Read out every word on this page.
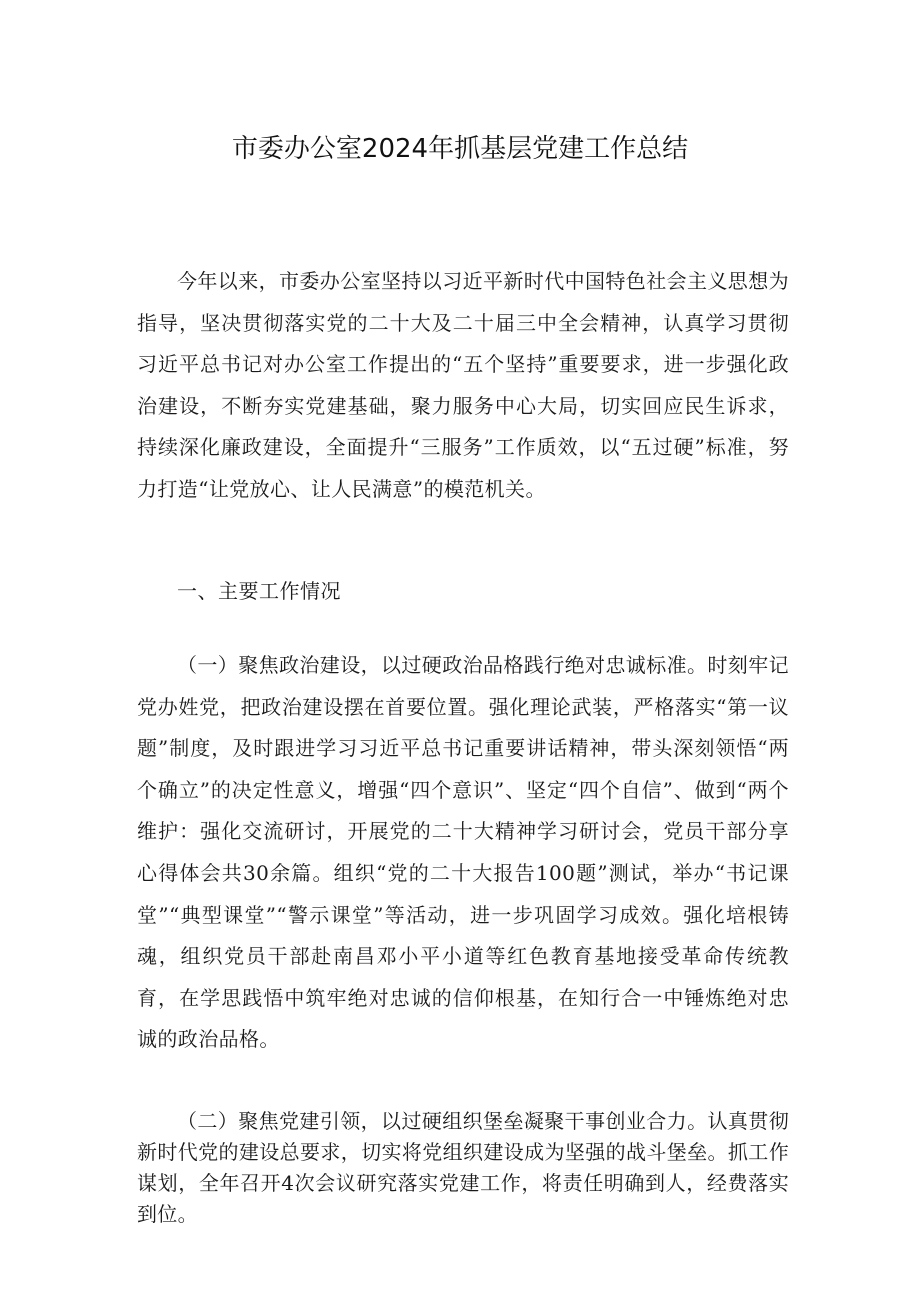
市委办公室2024年抓基层党建工作总结

今年以来，市委办公室坚持以习近平新时代中国特色社会主义思想为指导，坚决贯彻落实党的二十大及二十届三中全会精神，认真学习贯彻习近平总书记对办公室工作提出的“五个坚持”重要要求，进一步强化政治建设，不断夯实党建基础，聚力服务中心大局，切实回应民生诉求，持续深化廉政建设，全面提升“三服务”工作质效，以“五过硬”标准，努力打造“让党放心、让人民满意”的模范机关。

一、主要工作情况

（一）聚焦政治建设，以过硬政治品格践行绝对忠诚标准。时刻牢记党办姓党，把政治建设摆在首要位置。强化理论武装，严格落实“第一议题”制度，及时跟进学习习近平总书记重要讲话精神，带头深刻领悟“两个确立”的决定性意义，增强“四个意识”、坚定“四个自信”、做到“两个维护：强化交流研讨，开展党的二十大精神学习研讨会，党员干部分享心得体会共30余篇。组织“党的二十大报告100题”测试，举办“书记课堂”“典型课堂”“警示课堂”等活动，进一步巩固学习成效。强化培根铸魂，组织党员干部赴南昌邓小平小道等红色教育基地接受革命传统教育，在学思践悟中筑牢绝对忠诚的信仰根基，在知行合一中锤炼绝对忠诚的政治品格。

（二）聚焦党建引领，以过硬组织堡垒凝聚干事创业合力。认真贯彻新时代党的建设总要求，切实将党组织建设成为坚强的战斗堡垒。抓工作谋划，全年召开4次会议研究落实党建工作，将责任明确到人，经费落实到位。
